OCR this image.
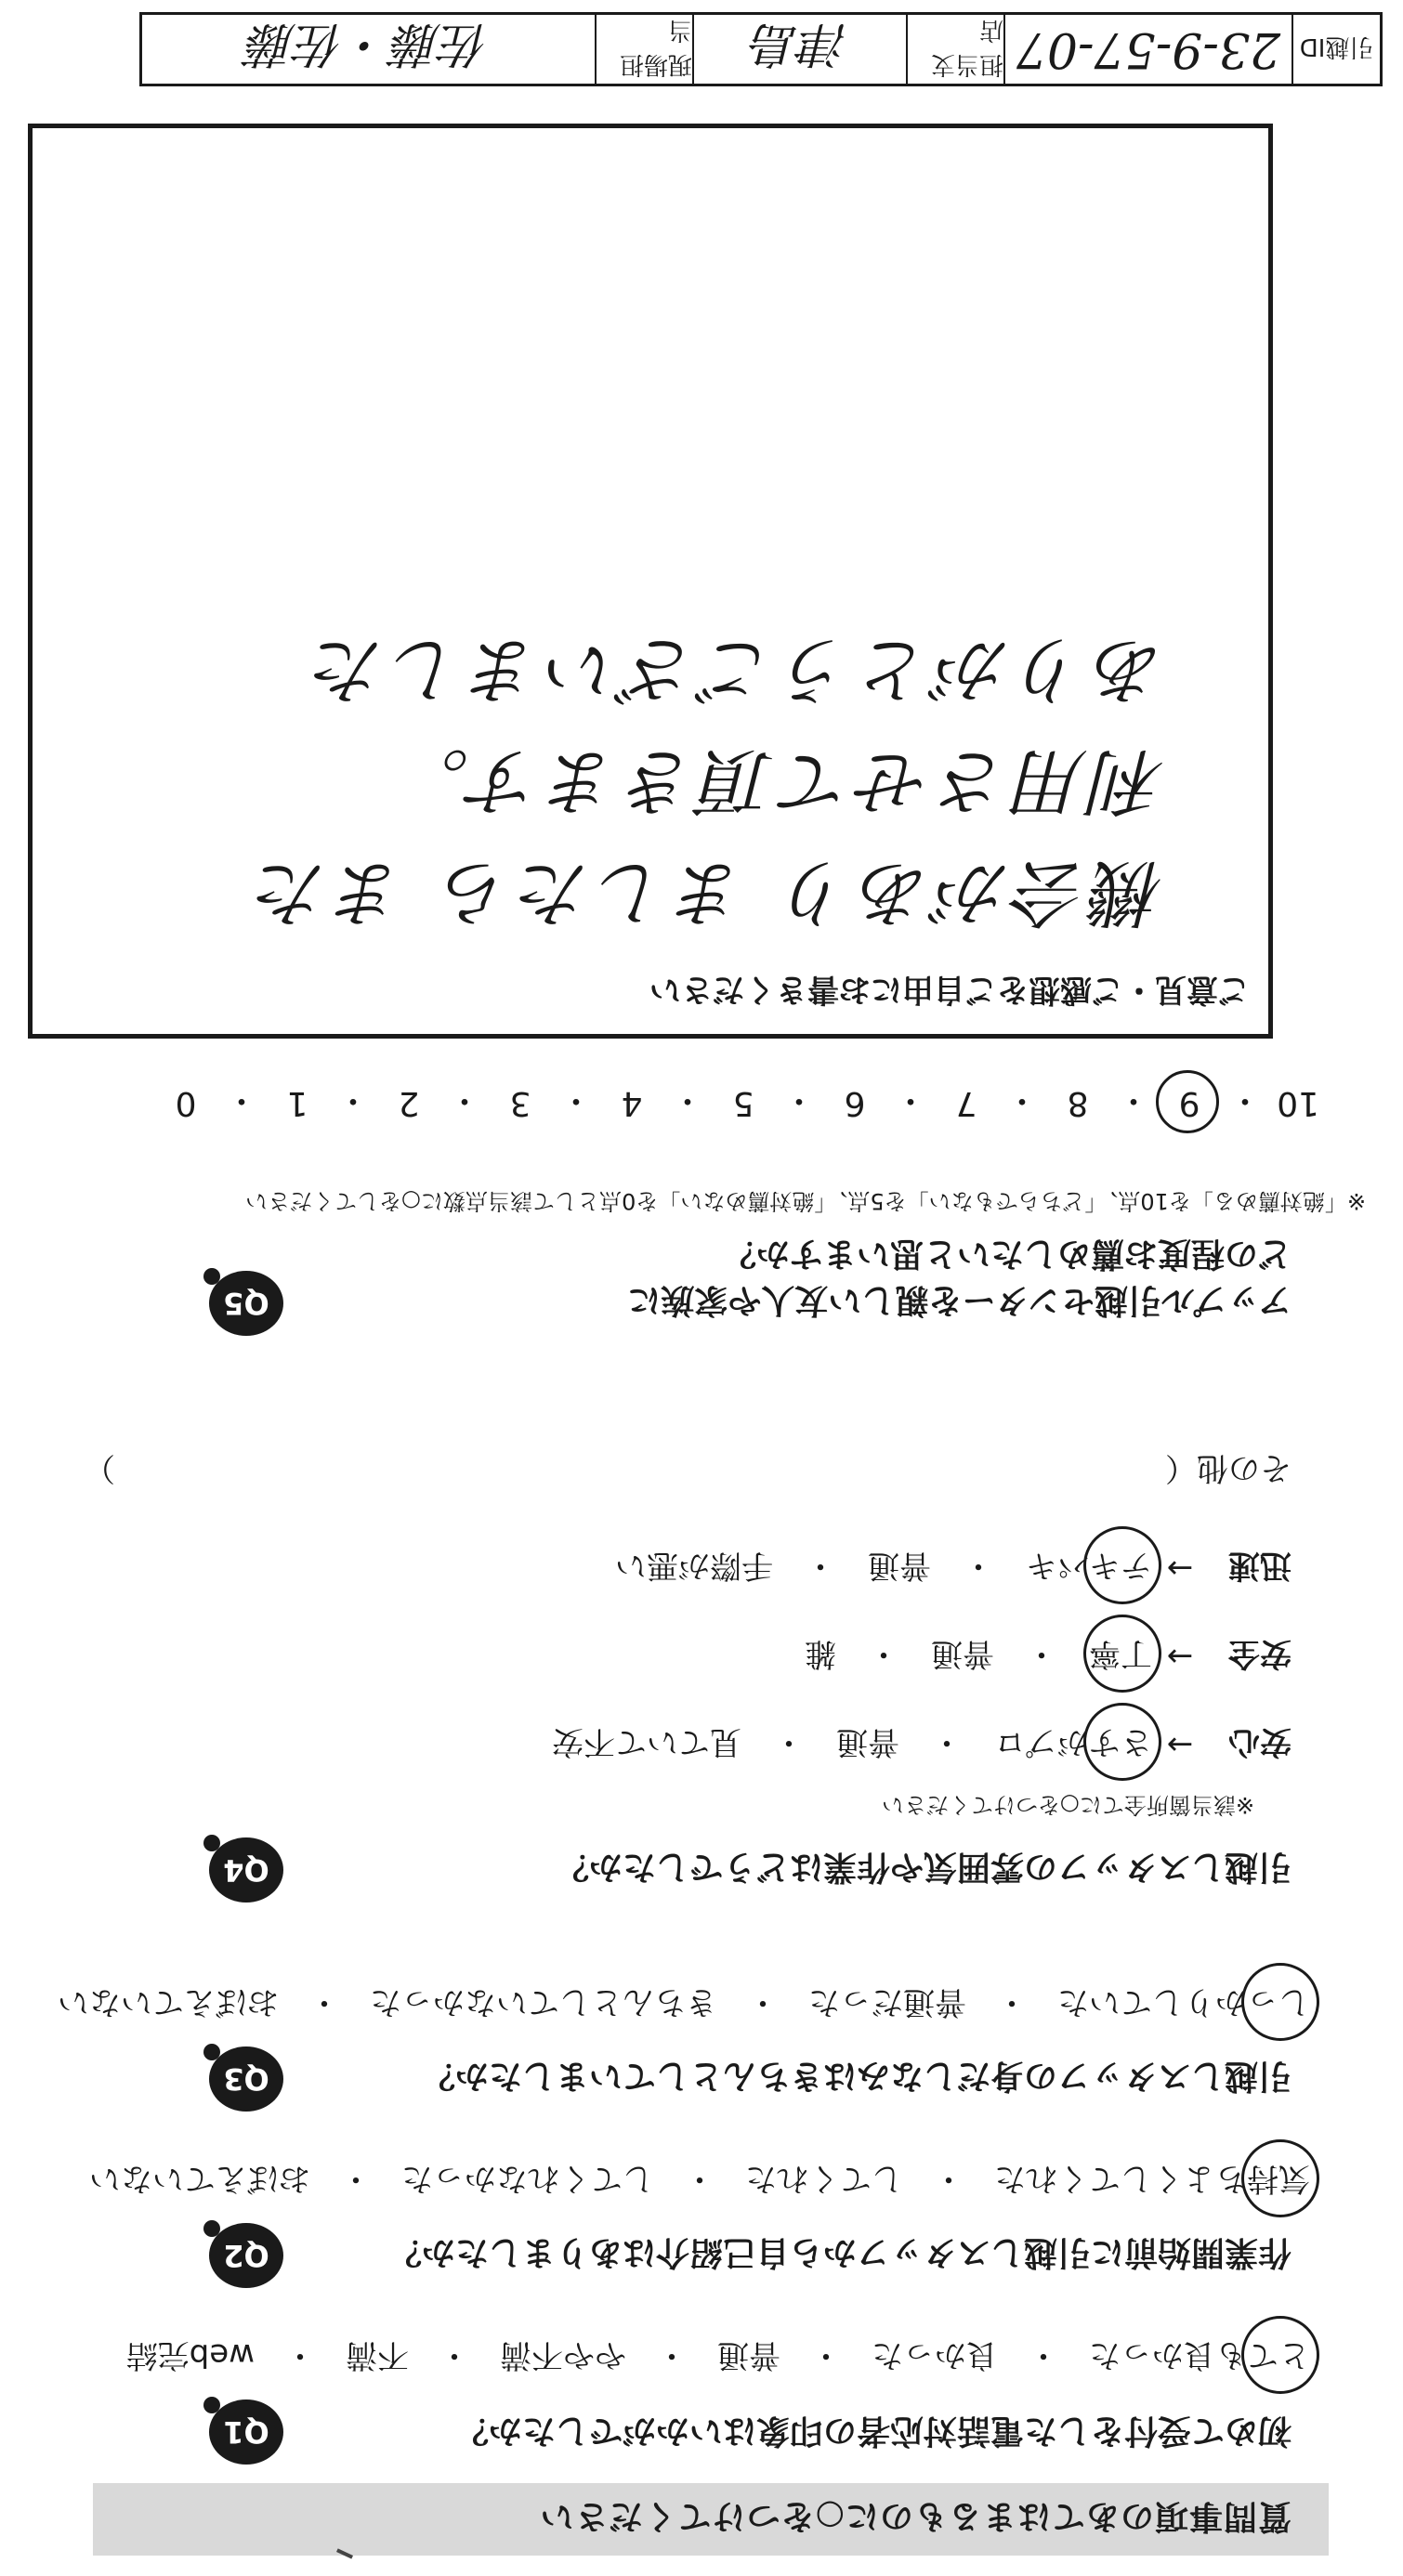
引越ID
23-9-57-07
担当支店
津島
現場担当
佐藤・佐藤
質問事項のあてはまるものに○をつけてください
Q1	初めて受付をした電話対応者の印象はいかがでしたか？
とても良かった
・
良かった
・
普通
・
やや不満
・
不満
・
web完結
Q2	作業開始前に引越しスタッフから自己紹介はありましたか？
気持ちよくしてくれた
・
してくれた
・
してくれなかった
・
おぼえていない
Q3	引越しスタッフの身だしなみはきちんとしていましたか？
しっかりしていた
・
普通だった
・
きちんとしていなかった
・
おぼえていない
Q4	引越しスタッフの雰囲気や作業はどうでしたか？
※該当箇所全てに○をつけてください
安心
→
さすがプロ
　・　
普通
　・　
見ていて不安
安全
→
丁寧
　・　
普通
　・　
雑
迅速
→
テキパキ
　・　
普通
　・　
手際が悪い
その他（
）
Q5	アップル引越センターを親しい友人や家族に
どの程度お薦めしたいと思いますか？
※「絶対薦める」を10点、「どちらでもない」を5点、「絶対薦めない」を0点として該当点数に○をしてください
10
・
9
・
8
・
7
・
6
・
5
・
4
・
3
・
2
・
1
・
0
ご意見・ご感想をご自由にお書きください
機会があり ましたら また
利用させて頂きます。
ありがとうございました
